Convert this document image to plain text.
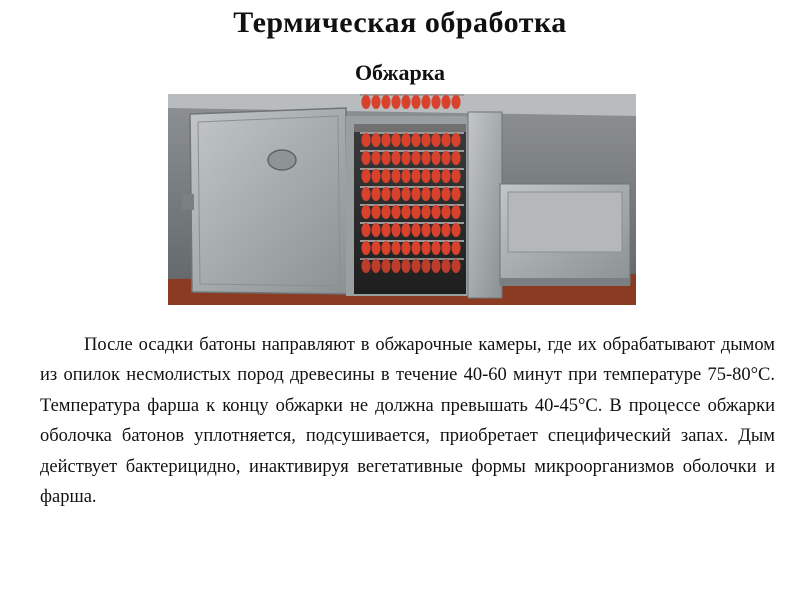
Термическая обработка
Обжарка

После осадки батоны направляют в обжарочные камеры, где их обрабатывают дымом из опилок несмолистых пород древесины в течение 40-60 минут при температуре 75-80°С. Температура фарша к концу обжарки не должна превышать 40-45°С. В процессе обжарки оболочка батонов уплотняется, подсушивается, приобретает специфический запах. Дым действует бактерицидно, инактивируя вегетативные формы микроорганизмов оболочки и фарша.
